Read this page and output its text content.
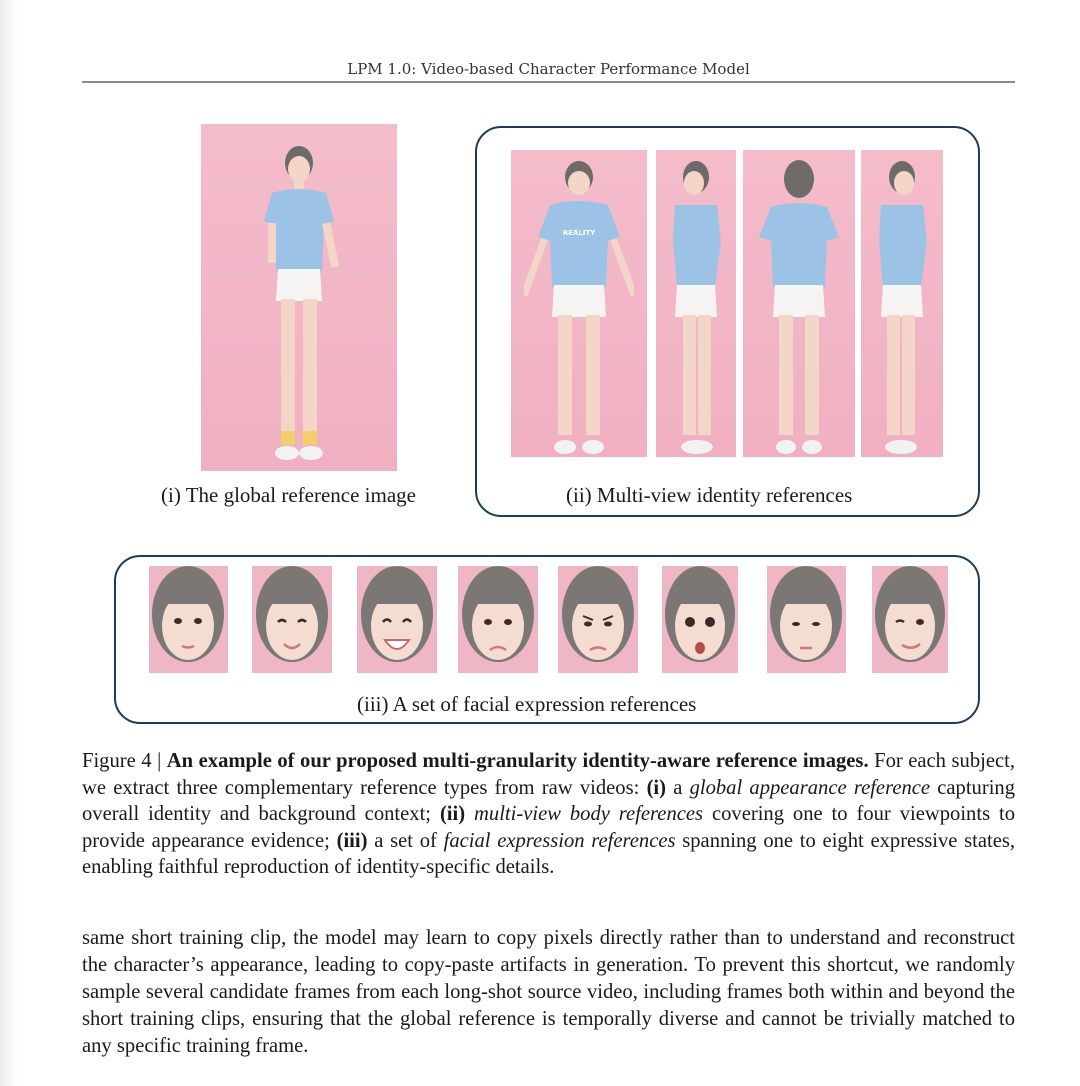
LPM 1.0: Video-based Character Performance Model
(i) The global reference image
REALITY
(ii) Multi-view identity references
(iii) A set of facial expression references
Figure 4 | An example of our proposed multi-granularity identity-aware reference images. For each subject, we extract three complementary reference types from raw videos: (i) a global appearance reference capturing overall identity and background context; (ii) multi-view body references covering one to four viewpoints to provide appearance evidence; (iii) a set of facial expression references spanning one to eight expressive states, enabling faithful reproduction of identity-specific details.
same short training clip, the model may learn to copy pixels directly rather than to understand and reconstruct the character’s appearance, leading to copy-paste artifacts in generation. To prevent this shortcut, we randomly sample several candidate frames from each long-shot source video, including frames both within and beyond the short training clips, ensuring that the global reference is temporally diverse and cannot be trivially matched to any specific training frame.
